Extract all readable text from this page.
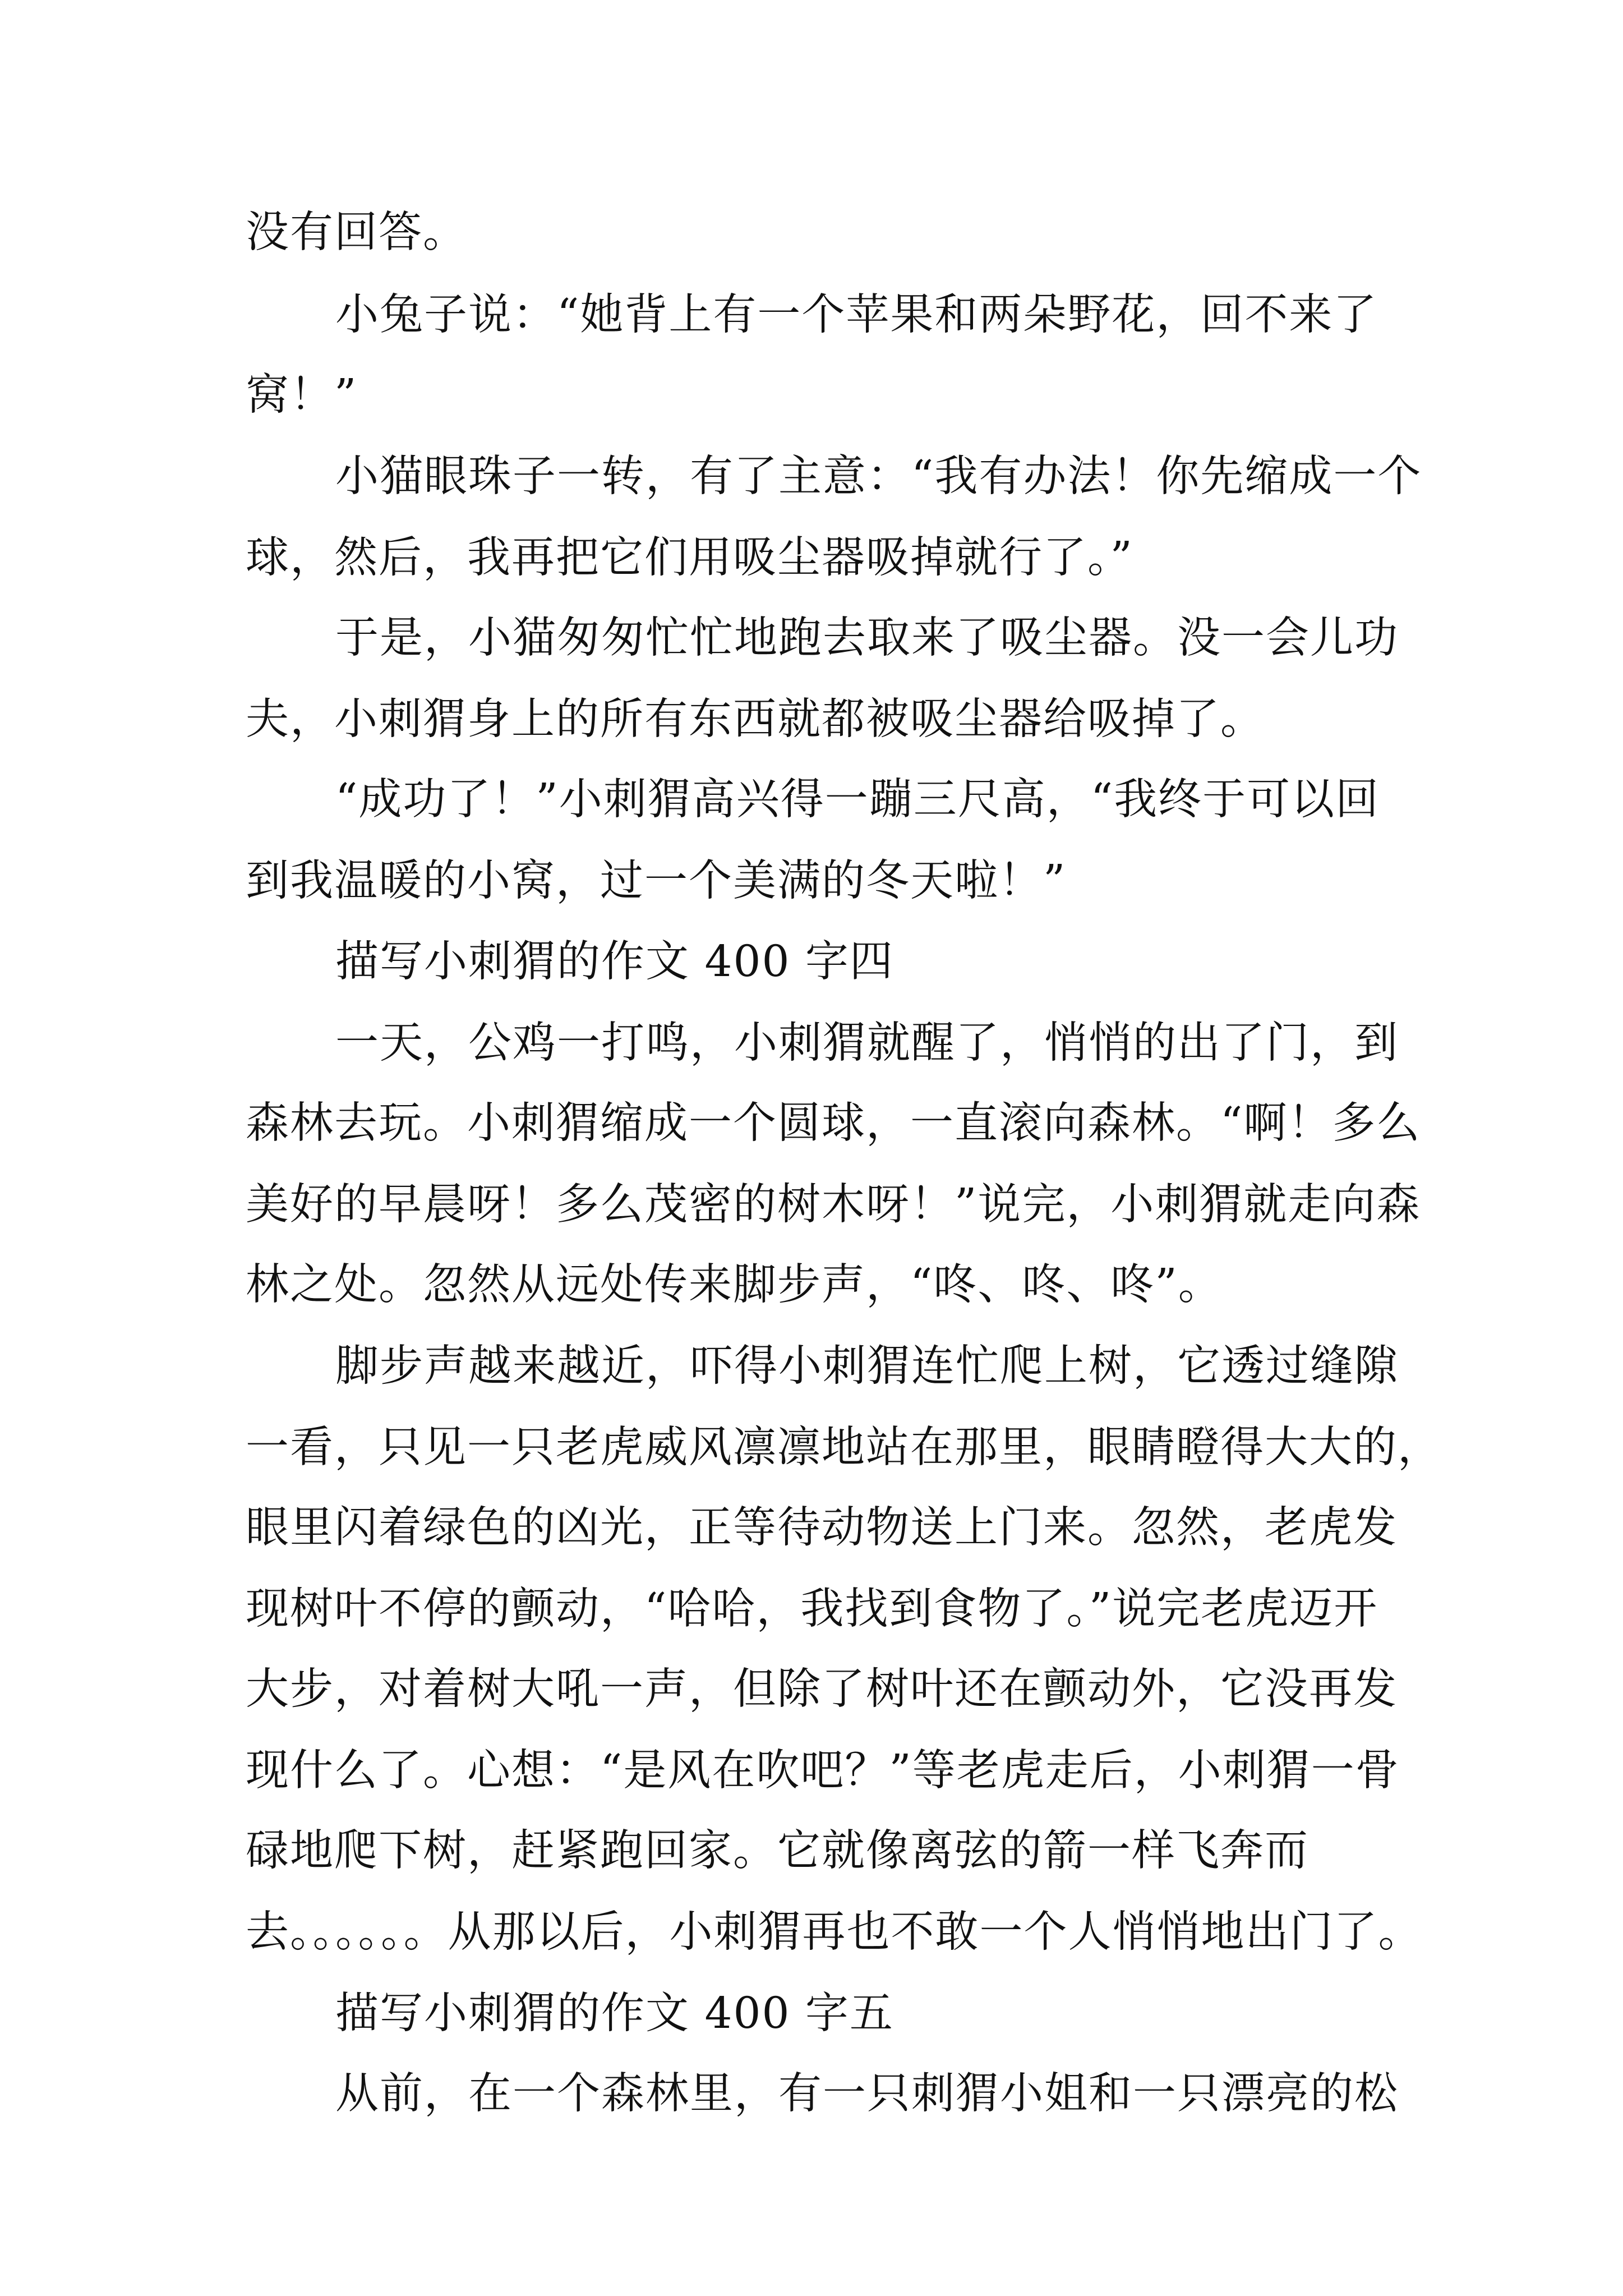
没有回答。
小兔子说：“她背上有一个苹果和两朵野花，回不来了
窝！”
小猫眼珠子一转，有了主意：“我有办法！你先缩成一个
球，然后，我再把它们用吸尘器吸掉就行了。”
于是，小猫匆匆忙忙地跑去取来了吸尘器。没一会儿功
夫，小刺猬身上的所有东西就都被吸尘器给吸掉了。
“成功了！”小刺猬高兴得一蹦三尺高，“我终于可以回
到我温暖的小窝，过一个美满的冬天啦！”
描写小刺猬的作文 400 字四
一天，公鸡一打鸣，小刺猬就醒了，悄悄的出了门，到
森林去玩。小刺猬缩成一个圆球，一直滚向森林。“啊！多么
美好的早晨呀！多么茂密的树木呀！”说完，小刺猬就走向森
林之处。忽然从远处传来脚步声，“咚、咚、咚”。
脚步声越来越近，吓得小刺猬连忙爬上树，它透过缝隙
一看，只见一只老虎威风凛凛地站在那里，眼睛瞪得大大的，
眼里闪着绿色的凶光，正等待动物送上门来。忽然，老虎发
现树叶不停的颤动，“哈哈，我找到食物了。”说完老虎迈开
大步，对着树大吼一声，但除了树叶还在颤动外，它没再发
现什么了。心想：“是风在吹吧？”等老虎走后，小刺猬一骨
碌地爬下树，赶紧跑回家。它就像离弦的箭一样飞奔而
去。。。。。。从那以后，小刺猬再也不敢一个人悄悄地出门了。
描写小刺猬的作文 400 字五
从前，在一个森林里，有一只刺猬小姐和一只漂亮的松
